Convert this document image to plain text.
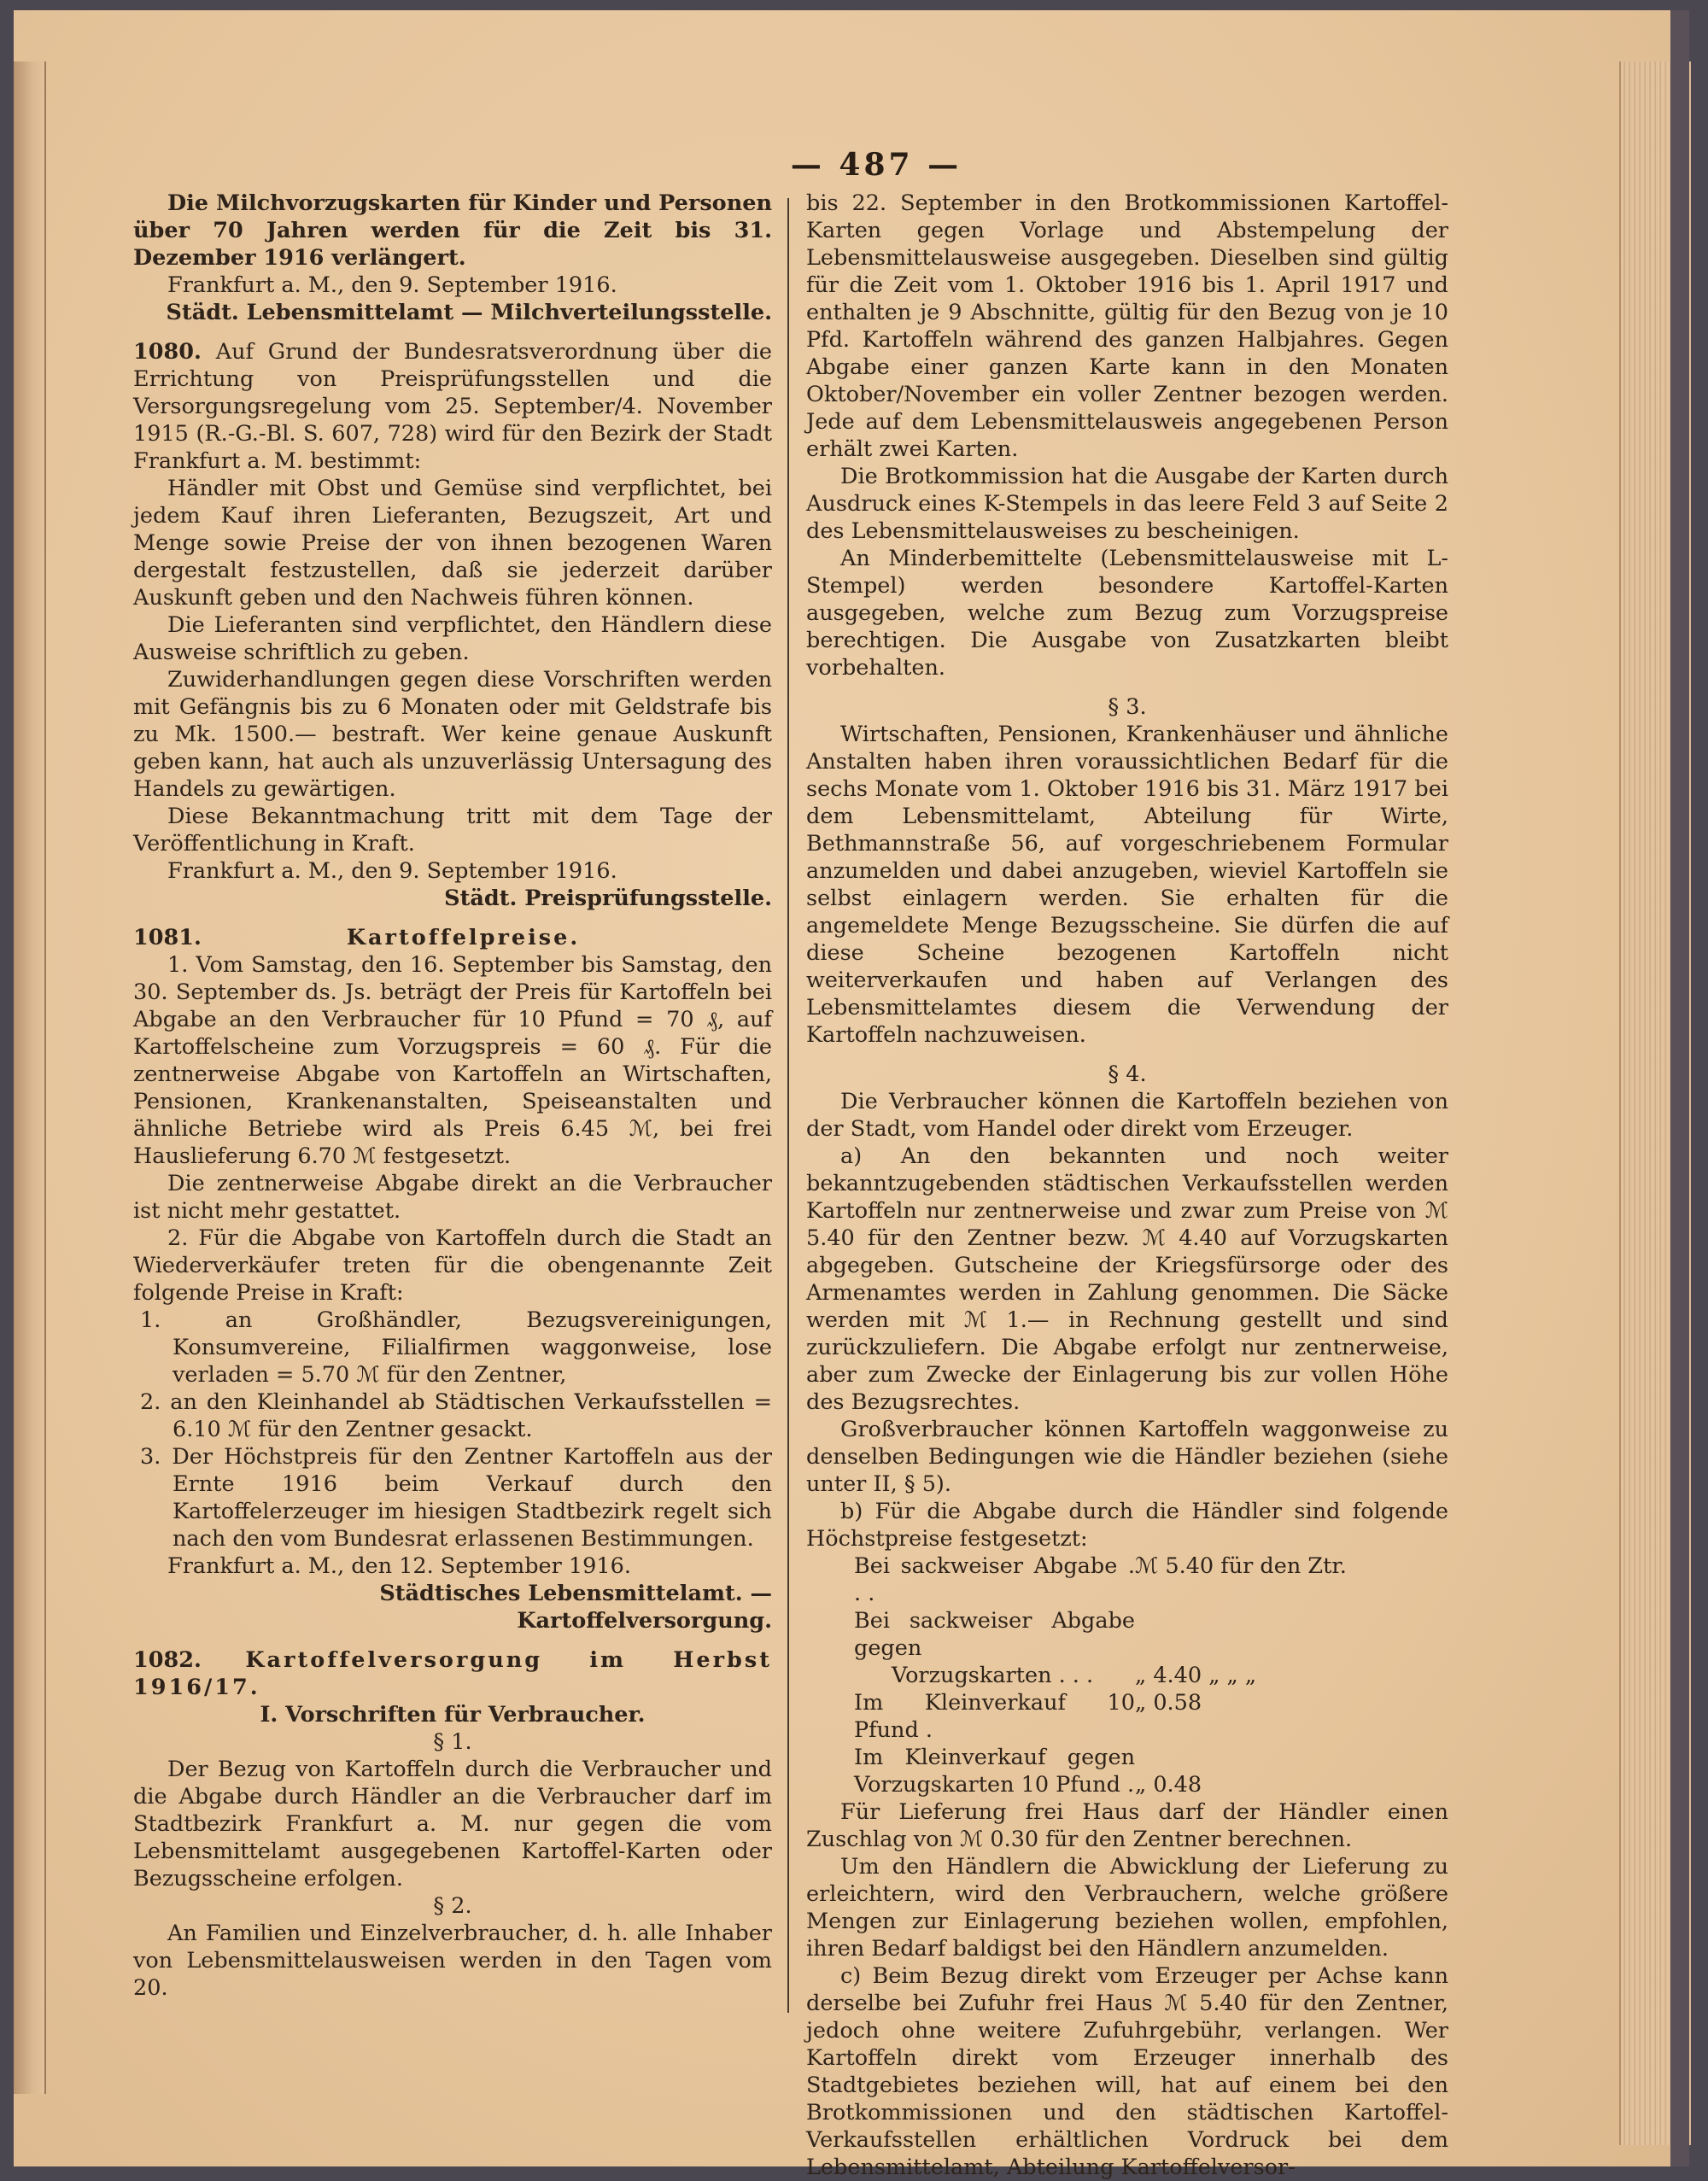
— 487 —

Die Milchvorzugskarten für Kinder und Personen über 70 Jahren werden für die Zeit bis 31. Dezember 1916 verlängert.

Frankfurt a. M., den 9. September 1916.

Städt. Lebensmittelamt — Milchverteilungsstelle.

1080. Auf Grund der Bundesratsverordnung über die Errichtung von Preisprüfungsstellen und die Versorgungsregelung vom 25. September/4. November 1915 (R.-G.-Bl. S. 607, 728) wird für den Bezirk der Stadt Frankfurt a. M. bestimmt:

Händler mit Obst und Gemüse sind verpflichtet, bei jedem Kauf ihren Lieferanten, Bezugszeit, Art und Menge sowie Preise der von ihnen bezogenen Waren dergestalt festzustellen, daß sie jederzeit darüber Auskunft geben und den Nachweis führen können.

Die Lieferanten sind verpflichtet, den Händlern diese Ausweise schriftlich zu geben.

Zuwiderhandlungen gegen diese Vorschriften werden mit Gefängnis bis zu 6 Monaten oder mit Geldstrafe bis zu Mk. 1500.— bestraft. Wer keine genaue Auskunft geben kann, hat auch als unzuverlässig Untersagung des Handels zu gewärtigen.

Diese Bekanntmachung tritt mit dem Tage der Veröffentlichung in Kraft.

Frankfurt a. M., den 9. September 1916.

Städt. Preisprüfungsstelle.

1081.	Kartoffelpreise.

1. Vom Samstag, den 16. September bis Samstag, den 30. September ds. Js. beträgt der Preis für Kartoffeln bei Abgabe an den Verbraucher für 10 Pfund = 70 ₰, auf Kartoffelscheine zum Vorzugspreis = 60 ₰. Für die zentnerweise Abgabe von Kartoffeln an Wirtschaften, Pensionen, Krankenanstalten, Speiseanstalten und ähnliche Betriebe wird als Preis 6.45 ℳ, bei frei Hauslieferung 6.70 ℳ festgesetzt.

Die zentnerweise Abgabe direkt an die Verbraucher ist nicht mehr gestattet.

2. Für die Abgabe von Kartoffeln durch die Stadt an Wiederverkäufer treten für die obengenannte Zeit folgende Preise in Kraft:

1. an Großhändler, Bezugsvereinigungen, Konsumvereine, Filialfirmen waggonweise, lose verladen = 5.70 ℳ für den Zentner,

2. an den Kleinhandel ab Städtischen Verkaufsstellen = 6.10 ℳ für den Zentner gesackt.

3. Der Höchstpreis für den Zentner Kartoffeln aus der Ernte 1916 beim Verkauf durch den Kartoffelerzeuger im hiesigen Stadtbezirk regelt sich nach den vom Bundesrat erlassenen Bestimmungen.

Frankfurt a. M., den 12. September 1916.

Städtisches Lebensmittelamt. — Kartoffelversorgung.

1082. Kartoffelversorgung im Herbst 1916/17.

I. Vorschriften für Verbraucher.

§ 1.

Der Bezug von Kartoffeln durch die Verbraucher und die Abgabe durch Händler an die Verbraucher darf im Stadtbezirk Frankfurt a. M. nur gegen die vom Lebensmittelamt ausgegebenen Kartoffel-Karten oder Bezugsscheine erfolgen.

§ 2.

An Familien und Einzelverbraucher, d. h. alle Inhaber von Lebensmittelausweisen werden in den Tagen vom 20.

bis 22. September in den Brotkommissionen Kartoffel-Karten gegen Vorlage und Abstempelung der Lebensmittelausweise ausgegeben. Dieselben sind gültig für die Zeit vom 1. Oktober 1916 bis 1. April 1917 und enthalten je 9 Abschnitte, gültig für den Bezug von je 10 Pfd. Kartoffeln während des ganzen Halbjahres. Gegen Abgabe einer ganzen Karte kann in den Monaten Oktober/November ein voller Zentner bezogen werden. Jede auf dem Lebensmittelausweis angegebenen Person erhält zwei Karten.

Die Brotkommission hat die Ausgabe der Karten durch Ausdruck eines K-Stempels in das leere Feld 3 auf Seite 2 des Lebensmittelausweises zu bescheinigen.

An Minderbemittelte (Lebensmittelausweise mit L-Stempel) werden besondere Kartoffel-Karten ausgegeben, welche zum Bezug zum Vorzugspreise berechtigen. Die Ausgabe von Zusatzkarten bleibt vorbehalten.

§ 3.

Wirtschaften, Pensionen, Krankenhäuser und ähnliche Anstalten haben ihren voraussichtlichen Bedarf für die sechs Monate vom 1. Oktober 1916 bis 31. März 1917 bei dem Lebensmittelamt, Abteilung für Wirte, Bethmannstraße 56, auf vorgeschriebenem Formular anzumelden und dabei anzugeben, wieviel Kartoffeln sie selbst einlagern werden. Sie erhalten für die angemeldete Menge Bezugsscheine. Sie dürfen die auf diese Scheine bezogenen Kartoffeln nicht weiterverkaufen und haben auf Verlangen des Lebensmittelamtes diesem die Verwendung der Kartoffeln nachzuweisen.

§ 4.

Die Verbraucher können die Kartoffeln beziehen von der Stadt, vom Handel oder direkt vom Erzeuger.

a) An den bekannten und noch weiter bekanntzugebenden städtischen Verkaufsstellen werden Kartoffeln nur zentnerweise und zwar zum Preise von ℳ 5.40 für den Zentner bezw. ℳ 4.40 auf Vorzugskarten abgegeben. Gutscheine der Kriegsfürsorge oder des Armenamtes werden in Zahlung genommen. Die Säcke werden mit ℳ 1.— in Rechnung gestellt und sind zurückzuliefern. Die Abgabe erfolgt nur zentnerweise, aber zum Zwecke der Einlagerung bis zur vollen Höhe des Bezugsrechtes.

Großverbraucher können Kartoffeln waggonweise zu denselben Bedingungen wie die Händler beziehen (siehe unter II, § 5).

b) Für die Abgabe durch die Händler sind folgende Höchstpreise festgesetzt:

Bei sackweiser Abgabe . . .
ℳ 5.40 für den Ztr.
Bei sackweiser Abgabe gegen
Vorzugskarten . . .	„ 4.40 „ „ „
Im Kleinverkauf 10 Pfund .
„ 0.58
Im Kleinverkauf gegen Vorzugskarten 10 Pfund . „ 0.48

Für Lieferung frei Haus darf der Händler einen Zuschlag von ℳ 0.30 für den Zentner berechnen.

Um den Händlern die Abwicklung der Lieferung zu erleichtern, wird den Verbrauchern, welche größere Mengen zur Einlagerung beziehen wollen, empfohlen, ihren Bedarf baldigst bei den Händlern anzumelden.

c) Beim Bezug direkt vom Erzeuger per Achse kann derselbe bei Zufuhr frei Haus ℳ 5.40 für den Zentner, jedoch ohne weitere Zufuhrgebühr, verlangen. Wer Kartoffeln direkt vom Erzeuger innerhalb des Stadtgebietes beziehen will, hat auf einem bei den Brotkommissionen und den städtischen Kartoffel-Verkaufsstellen erhältlichen Vordruck bei dem Lebensmittelamt, Abteilung Kartoffelversor-
